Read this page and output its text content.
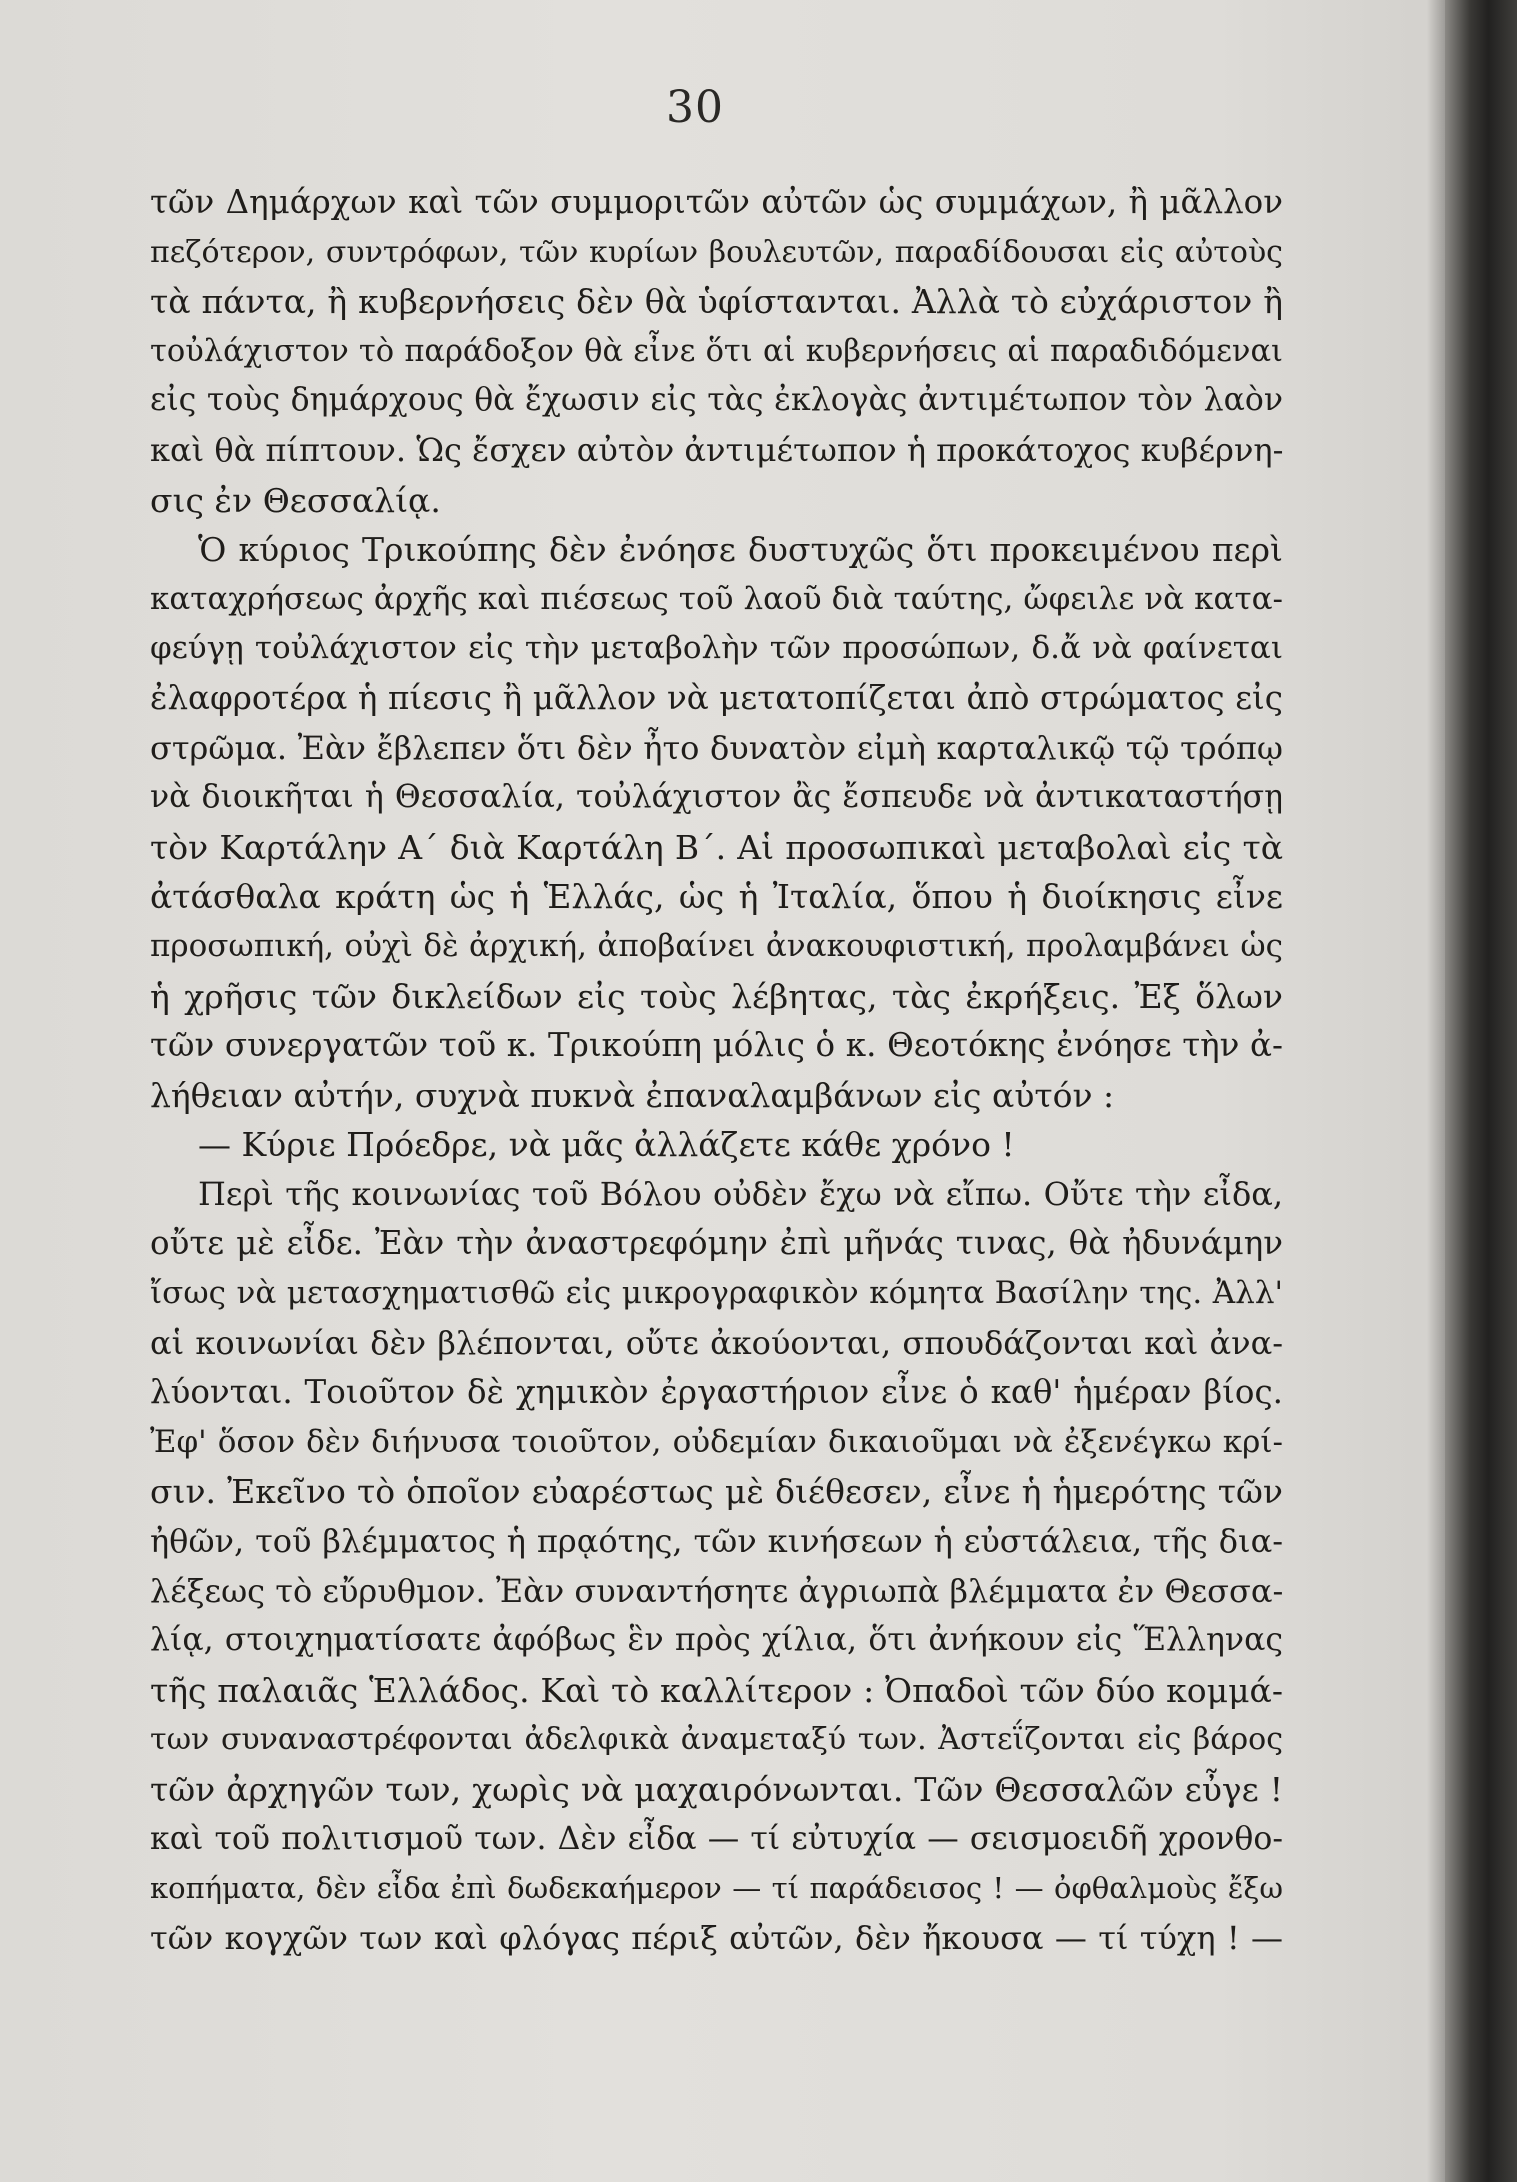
30
τῶν Δημάρχων καὶ τῶν συμμοριτῶν αὐτῶν ὡς συμμάχων, ἢ μᾶλλον
πεζότερον, συντρόφων, τῶν κυρίων βουλευτῶν, παραδίδουσαι εἰς αὐτοὺς
τὰ πάντα, ἢ κυβερνήσεις δὲν θὰ ὑφίστανται. Ἀλλὰ τὸ εὐχάριστον ἢ
τοὐλάχιστον τὸ παράδοξον θὰ εἶνε ὅτι αἱ κυβερνήσεις αἱ παραδιδόμεναι
εἰς τοὺς δημάρχους θὰ ἔχωσιν εἰς τὰς ἐκλογὰς ἀντιμέτωπον τὸν λαὸν
καὶ θὰ πίπτουν. Ὡς ἔσχεν αὐτὸν ἀντιμέτωπον ἡ προκάτοχος κυβέρνη-
σις ἐν Θεσσαλίᾳ.
Ὁ κύριος Τρικούπης δὲν ἐνόησε δυστυχῶς ὅτι προκειμένου περὶ
καταχρήσεως ἀρχῆς καὶ πιέσεως τοῦ λαοῦ διὰ ταύτης, ὤφειλε νὰ κατα-
φεύγῃ τοὐλάχιστον εἰς τὴν μεταβολὴν τῶν προσώπων, δ.ἄ νὰ φαίνεται
ἐλαφροτέρα ἡ πίεσις ἢ μᾶλλον νὰ μετατοπίζεται ἀπὸ στρώματος εἰς
στρῶμα. Ἐὰν ἔβλεπεν ὅτι δὲν ἦτο δυνατὸν εἰμὴ καρταλικῷ τῷ τρόπῳ
νὰ διοικῆται ἡ Θεσσαλία, τοὐλάχιστον ἂς ἔσπευδε νὰ ἀντικαταστήσῃ
τὸν Καρτάλην Α΄ διὰ Καρτάλη Β΄. Αἱ προσωπικαὶ μεταβολαὶ εἰς τὰ
ἀτάσθαλα κράτη ὡς ἡ Ἑλλάς, ὡς ἡ Ἰταλία, ὅπου ἡ διοίκησις εἶνε
προσωπική, οὐχὶ δὲ ἀρχική, ἀποβαίνει ἀνακουφιστική, προλαμβάνει ὡς
ἡ χρῆσις τῶν δικλείδων εἰς τοὺς λέβητας, τὰς ἐκρήξεις. Ἐξ ὅλων
τῶν συνεργατῶν τοῦ κ. Τρικούπη μόλις ὁ κ. Θεοτόκης ἐνόησε τὴν ἀ-
λήθειαν αὐτήν, συχνὰ πυκνὰ ἐπαναλαμβάνων εἰς αὐτόν :
— Κύριε Πρόεδρε, νὰ μᾶς ἀλλάζετε κάθε χρόνο !
Περὶ τῆς κοινωνίας τοῦ Βόλου οὐδὲν ἔχω νὰ εἴπω. Οὔτε τὴν εἶδα,
οὔτε μὲ εἶδε. Ἐὰν τὴν ἀναστρεφόμην ἐπὶ μῆνάς τινας, θὰ ἠδυνάμην
ἴσως νὰ μετασχηματισθῶ εἰς μικρογραφικὸν κόμητα Βασίλην της. Ἀλλ'
αἱ κοινωνίαι δὲν βλέπονται, οὔτε ἀκούονται, σπουδάζονται καὶ ἀνα-
λύονται. Τοιοῦτον δὲ χημικὸν ἐργαστήριον εἶνε ὁ καθ' ἡμέραν βίος.
Ἐφ' ὅσον δὲν διήνυσα τοιοῦτον, οὐδεμίαν δικαιοῦμαι νὰ ἐξενέγκω κρί-
σιν. Ἐκεῖνο τὸ ὁποῖον εὐαρέστως μὲ διέθεσεν, εἶνε ἡ ἡμερότης τῶν
ἠθῶν, τοῦ βλέμματος ἡ πρᾳότης, τῶν κινήσεων ἡ εὐστάλεια, τῆς δια-
λέξεως τὸ εὔρυθμον. Ἐὰν συναντήσητε ἀγριωπὰ βλέμματα ἐν Θεσσα-
λίᾳ, στοιχηματίσατε ἀφόβως ἓν πρὸς χίλια, ὅτι ἀνήκουν εἰς Ἕλληνας
τῆς παλαιᾶς Ἑλλάδος. Καὶ τὸ καλλίτερον : Ὀπαδοὶ τῶν δύο κομμά-
των συναναστρέφονται ἀδελφικὰ ἀναμεταξύ των. Ἀστεΐζονται εἰς βάρος
τῶν ἀρχηγῶν των, χωρὶς νὰ μαχαιρόνωνται. Τῶν Θεσσαλῶν εὖγε !
καὶ τοῦ πολιτισμοῦ των. Δὲν εἶδα — τί εὐτυχία — σεισμοειδῆ χρονθο-
κοπήματα, δὲν εἶδα ἐπὶ δωδεκαήμερον — τί παράδεισος ! — ὀφθαλμοὺς ἔξω
τῶν κογχῶν των καὶ φλόγας πέριξ αὐτῶν, δὲν ἤκουσα — τί τύχη ! —
